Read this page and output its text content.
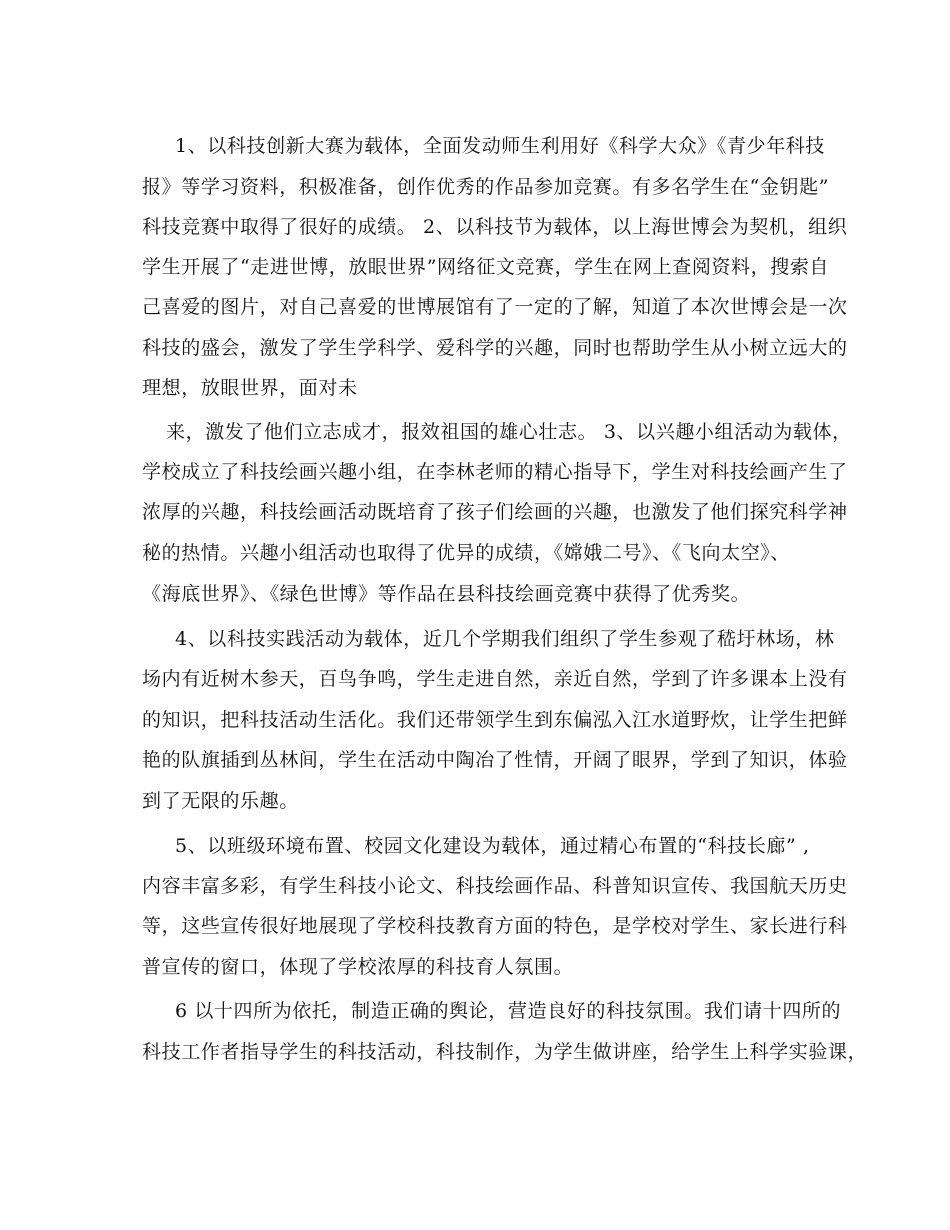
1、以科技创新大赛为载体，全面发动师生利用好《科学大众》《青少年科技
报》等学习资料，积极准备，创作优秀的作品参加竞赛。有多名学生在“金钥匙”
科技竞赛中取得了很好的成绩。 2、以科技节为载体，以上海世博会为契机，组织
学生开展了“走进世博，放眼世界”网络征文竞赛，学生在网上查阅资料，搜索自
己喜爱的图片，对自己喜爱的世博展馆有了一定的了解，知道了本次世博会是一次
科技的盛会，激发了学生学科学、爱科学的兴趣，同时也帮助学生从小树立远大的
理想，放眼世界，面对未
来，激发了他们立志成才，报效祖国的雄心壮志。 3、以兴趣小组活动为载体，
学校成立了科技绘画兴趣小组，在李林老师的精心指导下，学生对科技绘画产生了
浓厚的兴趣，科技绘画活动既培育了孩子们绘画的兴趣，也激发了他们探究科学神
秘的热情。兴趣小组活动也取得了优异的成绩，《嫦娥二号》、《飞向太空》、
《海底世界》、《绿色世博》等作品在县科技绘画竞赛中获得了优秀奖。
4、以科技实践活动为载体，近几个学期我们组织了学生参观了嵇圩林场，林
场内有近树木参天，百鸟争鸣，学生走进自然，亲近自然，学到了许多课本上没有
的知识，把科技活动生活化。我们还带领学生到东偏泓入江水道野炊，让学生把鲜
艳的队旗插到丛林间，学生在活动中陶冶了性情，开阔了眼界，学到了知识，体验
到了无限的乐趣。
5、以班级环境布置、校园文化建设为载体，通过精心布置的“科技长廊” ,
内容丰富多彩，有学生科技小论文、科技绘画作品、科普知识宣传、我国航天历史
等，这些宣传很好地展现了学校科技教育方面的特色，是学校对学生、家长进行科
普宣传的窗口，体现了学校浓厚的科技育人氛围。
6 以十四所为依托，制造正确的舆论，营造良好的科技氛围。我们请十四所的
科技工作者指导学生的科技活动，科技制作，为学生做讲座，给学生上科学实验课，
